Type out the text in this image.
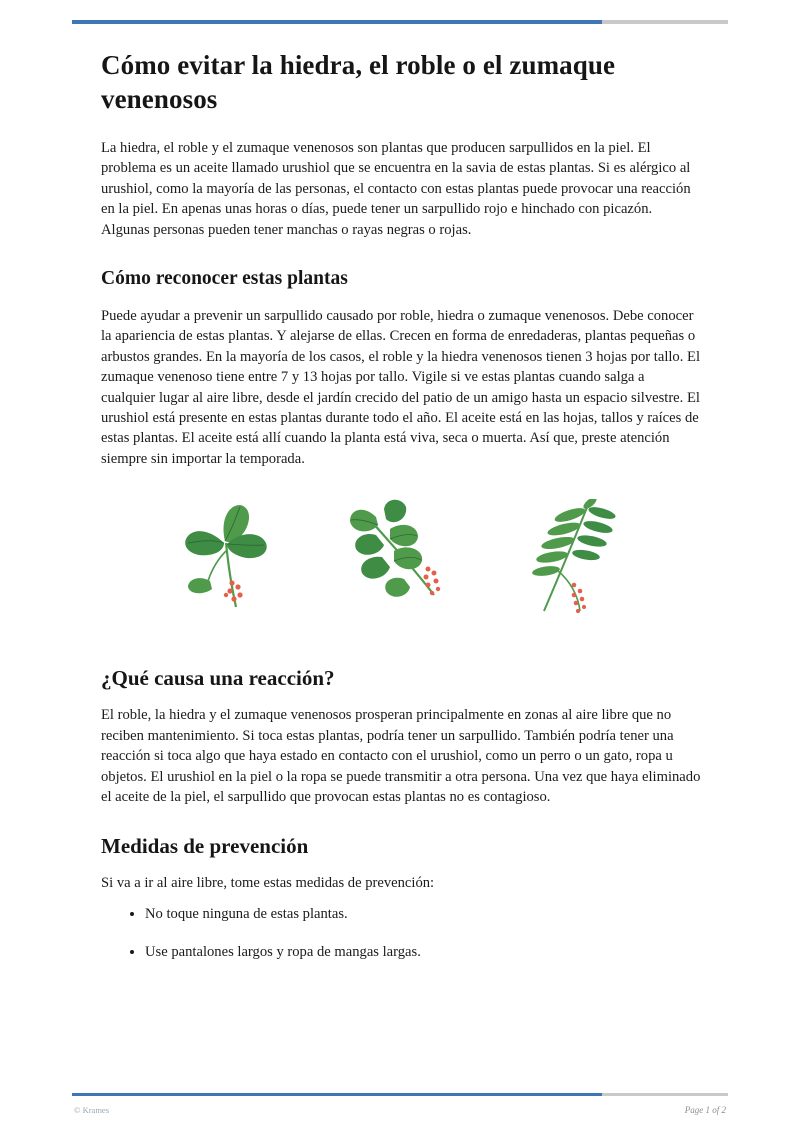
Cómo evitar la hiedra, el roble o el zumaque venenosos

La hiedra, el roble y el zumaque venenosos son plantas que producen sarpullidos en la piel. El problema es un aceite llamado urushiol que se encuentra en la savia de estas plantas. Si es alérgico al urushiol, como la mayoría de las personas, el contacto con estas plantas puede provocar una reacción en la piel. En apenas unas horas o días, puede tener un sarpullido rojo e hinchado con picazón. Algunas personas pueden tener manchas o rayas negras o rojas.

Cómo reconocer estas plantas

Puede ayudar a prevenir un sarpullido causado por roble, hiedra o zumaque venenosos. Debe conocer la apariencia de estas plantas. Y alejarse de ellas. Crecen en forma de enredaderas, plantas pequeñas o arbustos grandes. En la mayoría de los casos, el roble y la hiedra venenosos tienen 3 hojas por tallo. El zumaque venenoso tiene entre 7 y 13 hojas por tallo. Vigile si ve estas plantas cuando salga a cualquier lugar al aire libre, desde el jardín crecido del patio de un amigo hasta un espacio silvestre. El urushiol está presente en estas plantas durante todo el año. El aceite está en las hojas, tallos y raíces de estas plantas. El aceite está allí cuando la planta está viva, seca o muerta. Así que, preste atención siempre sin importar la temporada.

¿Qué causa una reacción?

El roble, la hiedra y el zumaque venenosos prosperan principalmente en zonas al aire libre que no reciben mantenimiento. Si toca estas plantas, podría tener un sarpullido. También podría tener una reacción si toca algo que haya estado en contacto con el urushiol, como un perro o un gato, ropa u objetos. El urushiol en la piel o la ropa se puede transmitir a otra persona. Una vez que haya eliminado el aceite de la piel, el sarpullido que provocan estas plantas no es contagioso.

Medidas de prevención

Si va a ir al aire libre, tome estas medidas de prevención:

• No toque ninguna de estas plantas.
• Use pantalones largos y ropa de mangas largas.
© Krames	Page 1 of 2
